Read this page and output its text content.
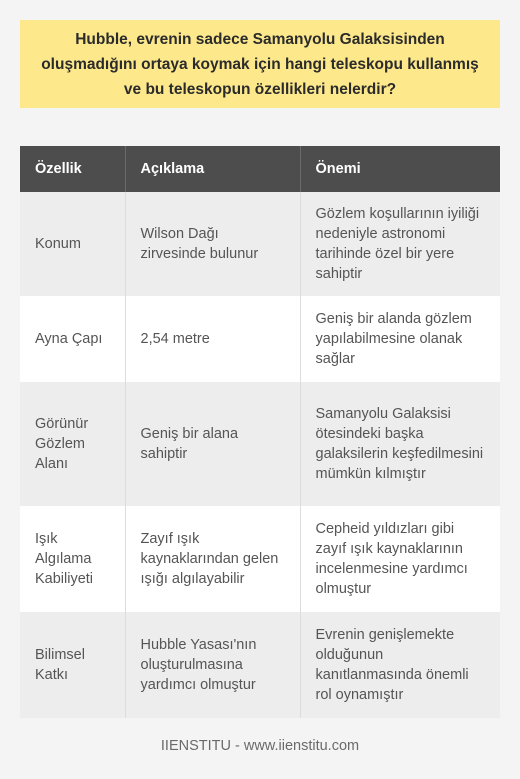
Hubble, evrenin sadece Samanyolu Galaksisinden oluşmadığını ortaya koymak için hangi teleskopu kullanmış ve bu teleskopun özellikleri nelerdir?
Özellik	Açıklama	Önemi
Konum	Wilson Dağı zirvesinde bulunur	Gözlem koşullarının iyiliği nedeniyle astronomi tarihinde özel bir yere sahiptir
Ayna Çapı	2,54 metre	Geniş bir alanda gözlem yapılabilmesine olanak sağlar
Görünür Gözlem Alanı	Geniş bir alana sahiptir	Samanyolu Galaksisi ötesindeki başka galaksilerin keşfedilmesini mümkün kılmıştır
Işık Algılama Kabiliyeti	Zayıf ışık kaynaklarından gelen ışığı algılayabilir	Cepheid yıldızları gibi zayıf ışık kaynaklarının incelenmesine yardımcı olmuştur
Bilimsel Katkı	Hubble Yasası'nın oluşturulmasına yardımcı olmuştur	Evrenin genişlemekte olduğunun kanıtlanmasında önemli rol oynamıştır
IIENSTITU - www.iienstitu.com
